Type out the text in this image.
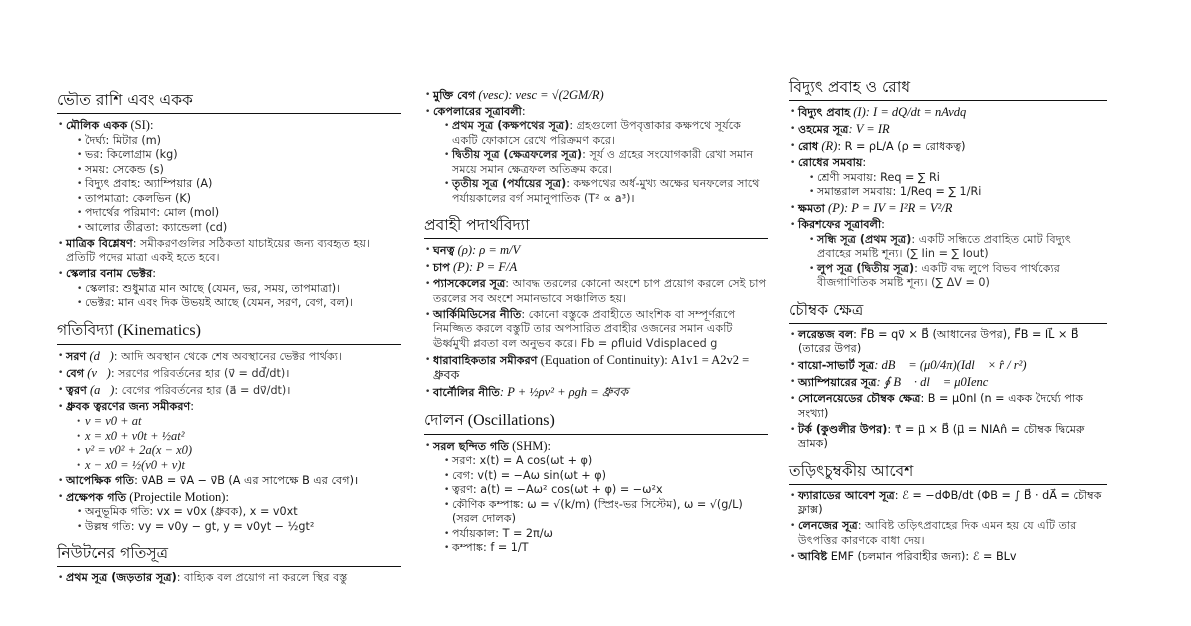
ভৌত রাশি এবং একক
• মৌলিক একক (SI):
• দৈর্ঘ্য: মিটার (m)
• ভর: কিলোগ্রাম (kg)
• সময়: সেকেন্ড (s)
• বিদ্যুৎ প্রবাহ: অ্যাম্পিয়ার (A)
• তাপমাত্রা: কেলভিন (K)
• পদার্থের পরিমাণ: মোল (mol)
• আলোর তীব্রতা: ক্যান্ডেলা (cd)
• মাত্রিক বিশ্লেষণ: সমীকরণগুলির সঠিকতা যাচাইয়ের জন্য ব্যবহৃত হয়। প্রতিটি পদের মাত্রা একই হতে হবে।
• স্কেলার বনাম ভেক্টর:
• স্কেলার: শুধুমাত্র মান আছে (যেমন, ভর, সময়, তাপমাত্রা)।
• ভেক্টর: মান এবং দিক উভয়ই আছে (যেমন, সরণ, বেগ, বল)।
গতিবিদ্যা (Kinematics)
• সরণ (d⃗): আদি অবস্থান থেকে শেষ অবস্থানের ভেক্টর পার্থক্য।
• বেগ (v⃗): সরণের পরিবর্তনের হার (v⃗ = dd⃗/dt)।
• ত্বরণ (a⃗): বেগের পরিবর্তনের হার (a⃗ = dv⃗/dt)।
• ধ্রুবক ত্বরণের জন্য সমীকরণ:
• v = v0 + at
• x = x0 + v0t + ½at²
• v² = v0² + 2a(x − x0)
• x − x0 = ½(v0 + v)t
• আপেক্ষিক গতি: v⃗AB = v⃗A − v⃗B (A এর সাপেক্ষে B এর বেগ)।
• প্রক্ষেপক গতি (Projectile Motion):
• অনুভূমিক গতি: vx = v0x (ধ্রুবক), x = v0xt
• উল্লম্ব গতি: vy = v0y − gt, y = v0yt − ½gt²
নিউটনের গতিসূত্র
• প্রথম সূত্র (জড়তার সূত্র): বাহ্যিক বল প্রয়োগ না করলে স্থির বস্তু
• মুক্তি বেগ (vesc): vesc = √(2GM/R)
• কেপলারের সূত্রাবলী:
• প্রথম সূত্র (কক্ষপথের সূত্র): গ্রহগুলো উপবৃত্তাকার কক্ষপথে সূর্যকে একটি ফোকাসে রেখে পরিক্রমণ করে।
• দ্বিতীয় সূত্র (ক্ষেত্রফলের সূত্র): সূর্য ও গ্রহের সংযোগকারী রেখা সমান সময়ে সমান ক্ষেত্রফল অতিক্রম করে।
• তৃতীয় সূত্র (পর্যায়ের সূত্র): কক্ষপথের অর্ধ-মুখ্য অক্ষের ঘনফলের সাথে পর্যায়কালের বর্গ সমানুপাতিক (T² ∝ a³)।
প্রবাহী পদার্থবিদ্যা
• ঘনত্ব (ρ): ρ = m/V
• চাপ (P): P = F/A
• প্যাসকেলের সূত্র: আবদ্ধ তরলের কোনো অংশে চাপ প্রয়োগ করলে সেই চাপ তরলের সব অংশে সমানভাবে সঞ্চালিত হয়।
• আর্কিমিডিসের নীতি: কোনো বস্তুকে প্রবাহীতে আংশিক বা সম্পূর্ণরূপে নিমজ্জিত করলে বস্তুটি তার অপসারিত প্রবাহীর ওজনের সমান একটি ঊর্ধ্বমুখী প্লবতা বল অনুভব করে। Fb = ρfluid Vdisplaced g
• ধারাবাহিকতার সমীকরণ (Equation of Continuity): A1v1 = A2v2 = ধ্রুবক
• বার্নৌলির নীতি: P + ½ρv² + ρgh = ধ্রুবক
দোলন (Oscillations)
• সরল ছন্দিত গতি (SHM):
• সরণ: x(t) = A cos(ωt + φ)
• বেগ: v(t) = −Aω sin(ωt + φ)
• ত্বরণ: a(t) = −Aω² cos(ωt + φ) = −ω²x
• কৌণিক কম্পাঙ্ক: ω = √(k/m) (স্প্রিং-ভর সিস্টেম), ω = √(g/L) (সরল দোলক)
• পর্যায়কাল: T = 2π/ω
• কম্পাঙ্ক: f = 1/T
বিদ্যুৎ প্রবাহ ও রোধ
• বিদ্যুৎ প্রবাহ (I): I = dQ/dt = nAvdq
• ওহমের সূত্র: V = IR
• রোধ (R): R = ρL/A (ρ = রোধকত্ব)
• রোধের সমবায়:
• শ্রেণী সমবায়: Req = ∑ Ri
• সমান্তরাল সমবায়: 1/Req = ∑ 1/Ri
• ক্ষমতা (P): P = IV = I²R = V²/R
• কিরশফের সূত্রাবলী:
• সন্ধি সূত্র (প্রথম সূত্র): একটি সন্ধিতে প্রবাহিত মোট বিদ্যুৎ প্রবাহের সমষ্টি শূন্য। (∑ Iin = ∑ Iout)
• লুপ সূত্র (দ্বিতীয় সূত্র): একটি বদ্ধ লুপে বিভব পার্থক্যের বীজগাণিতিক সমষ্টি শূন্য। (∑ ΔV = 0)
চৌম্বক ক্ষেত্র
• লরেন্তজ বল: F⃗B = qv⃗ × B⃗ (আধানের উপর), F⃗B = IL⃗ × B⃗ (তারের উপর)
• বায়ো-সাভার্ট সূত্র: dB⃗ = (μ0/4π)(Idl⃗ × r̂ / r²)
• অ্যাম্পিয়ারের সূত্র: ∮ B⃗ · dl⃗ = μ0Ienc
• সোলেনয়েডের চৌম্বক ক্ষেত্র: B = μ0nI (n = একক দৈর্ঘ্যে পাক সংখ্যা)
• টর্ক (কুণ্ডলীর উপর): τ⃗ = μ⃗ × B⃗ (μ⃗ = NIAn̂ = চৌম্বক দ্বিমেরু ভ্রামক)
তড়িৎচুম্বকীয় আবেশ
• ফ্যারাডের আবেশ সূত্র: ℰ = −dΦB/dt (ΦB = ∫ B⃗ · dA⃗ = চৌম্বক ফ্লাক্স)
• লেনজের সূত্র: আবিষ্ট তড়িৎপ্রবাহের দিক এমন হয় যে এটি তার উৎপত্তির কারণকে বাধা দেয়।
• আবিষ্ট EMF (চলমান পরিবাহীর জন্য): ℰ = BLv
